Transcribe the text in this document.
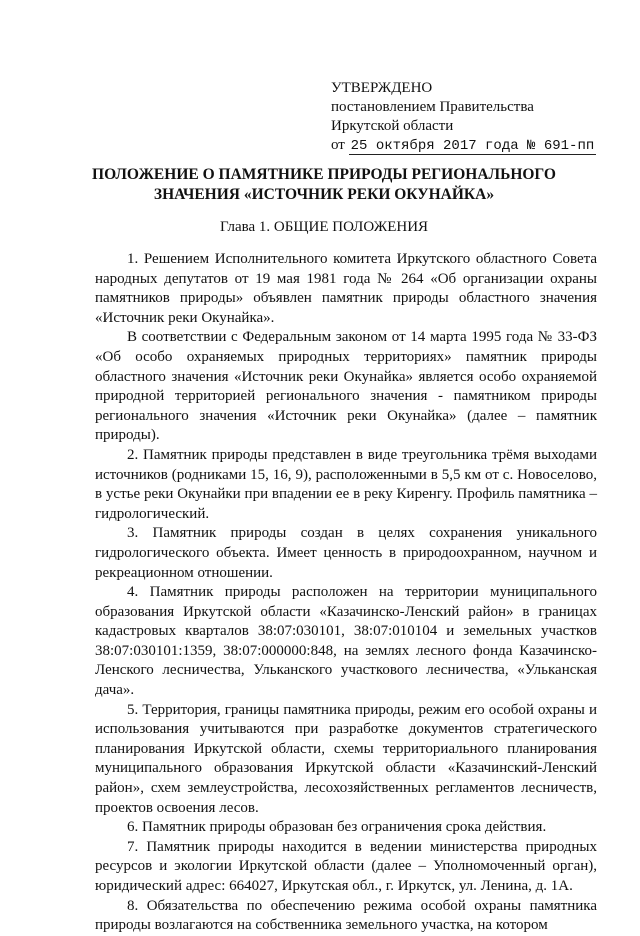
УТВЕРЖДЕНО
постановлением Правительства
Иркутской области
от 25 октября 2017 года № 691-пп
ПОЛОЖЕНИЕ О ПАМЯТНИКЕ ПРИРОДЫ РЕГИОНАЛЬНОГО
ЗНАЧЕНИЯ «ИСТОЧНИК РЕКИ ОКУНАЙКА»
Глава 1. ОБЩИЕ ПОЛОЖЕНИЯ

1. Решением Исполнительного комитета Иркутского областного Совета народных депутатов от 19 мая 1981 года № 264 «Об организации охраны памятников природы» объявлен памятник природы областного значения «Источник реки Окунайка».

В соответствии с Федеральным законом от 14 марта 1995 года № 33-ФЗ «Об особо охраняемых природных территориях» памятник природы областного значения «Источник реки Окунайка» является особо охраняемой природной территорией регионального значения - памятником природы регионального значения «Источник реки Окунайка» (далее – памятник природы).

2. Памятник природы представлен в виде треугольника трёмя выходами источников (родниками 15, 16, 9), расположенными в 5,5 км от с. Новоселово, в устье реки Окунайки при впадении ее в реку Киренгу. Профиль памятника – гидрологический.

3. Памятник природы создан в целях сохранения уникального гидрологического объекта. Имеет ценность в природоохранном, научном и рекреационном отношении.

4. Памятник природы расположен на территории муниципального образования Иркутской области «Казачинско-Ленский район» в границах кадастровых кварталов 38:07:030101, 38:07:010104 и земельных участков 38:07:030101:1359, 38:07:000000:848, на землях лесного фонда Казачинско-Ленского лесничества, Ульканского участкового лесничества, «Ульканская дача».

5. Территория, границы памятника природы, режим его особой охраны и использования учитываются при разработке документов стратегического планирования Иркутской области, схемы территориального планирования муниципального образования Иркутской области «Казачинский-Ленский район», схем землеустройства, лесохозяйственных регламентов лесничеств, проектов освоения лесов.

6. Памятник природы образован без ограничения срока действия.

7. Памятник природы находится в ведении министерства природных ресурсов и экологии Иркутской области (далее – Уполномоченный орган), юридический адрес: 664027, Иркутская обл., г. Иркутск, ул. Ленина, д. 1А.

8. Обязательства по обеспечению режима особой охраны памятника природы возлагаются на собственника земельного участка, на котором
